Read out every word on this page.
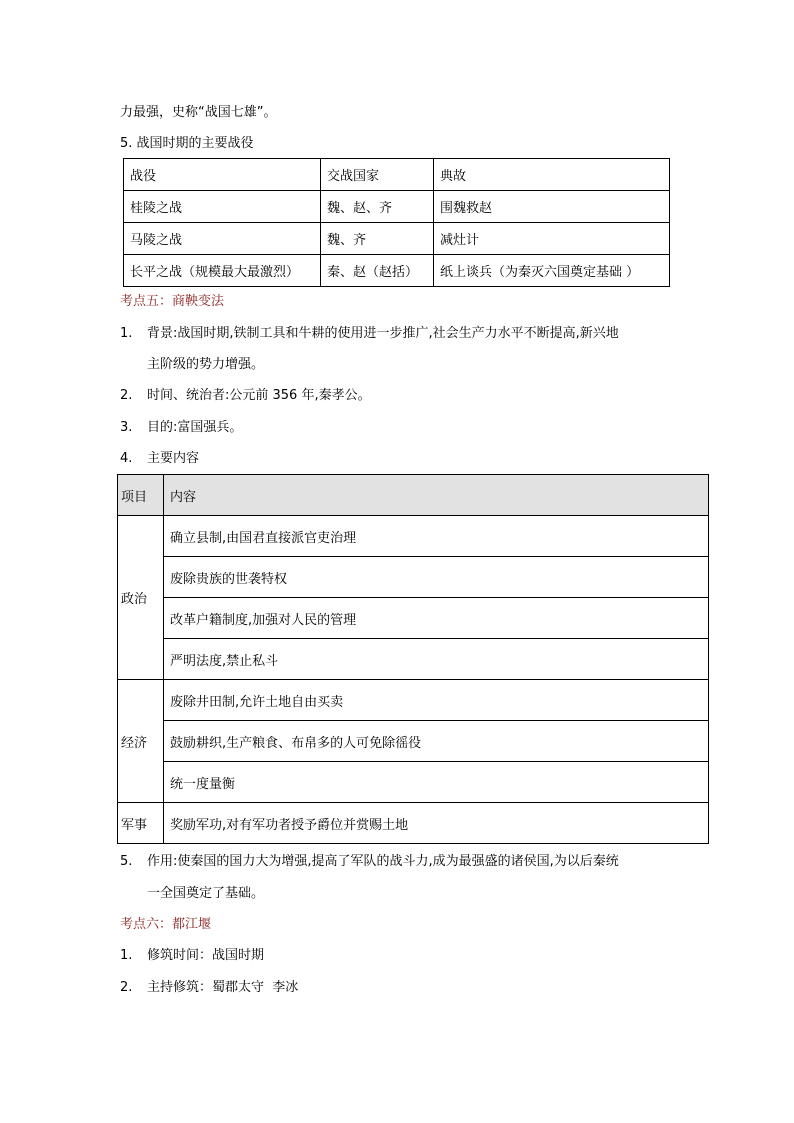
力最强，史称“战国七雄”。
5. 战国时期的主要战役
战役	交战国家	典故
桂陵之战	魏、赵、齐	围魏救赵
马陵之战	魏、齐	减灶计
长平之战（规模最大最激烈）	秦、赵（赵括）	纸上谈兵（为秦灭六国奠定基础 ）
考点五：商鞅变法
1. 背景:战国时期,铁制工具和牛耕的使用进一步推广,社会生产力水平不断提高,新兴地
主阶级的势力增强。
2. 时间、统治者:公元前 356 年,秦孝公。
3. 目的:富国强兵。
4. 主要内容
项目	内容
政治	确立县制,由国君直接派官吏治理
	废除贵族的世袭特权
	改革户籍制度,加强对人民的管理
	严明法度,禁止私斗
经济	废除井田制,允许土地自由买卖
	鼓励耕织,生产粮食、布帛多的人可免除徭役
	统一度量衡
军事	奖励军功,对有军功者授予爵位并赏赐土地
5. 作用:使秦国的国力大为增强,提高了军队的战斗力,成为最强盛的诸侯国,为以后秦统
一全国奠定了基础。
考点六：都江堰
1. 修筑时间：战国时期
2. 主持修筑：蜀郡太守  李冰
